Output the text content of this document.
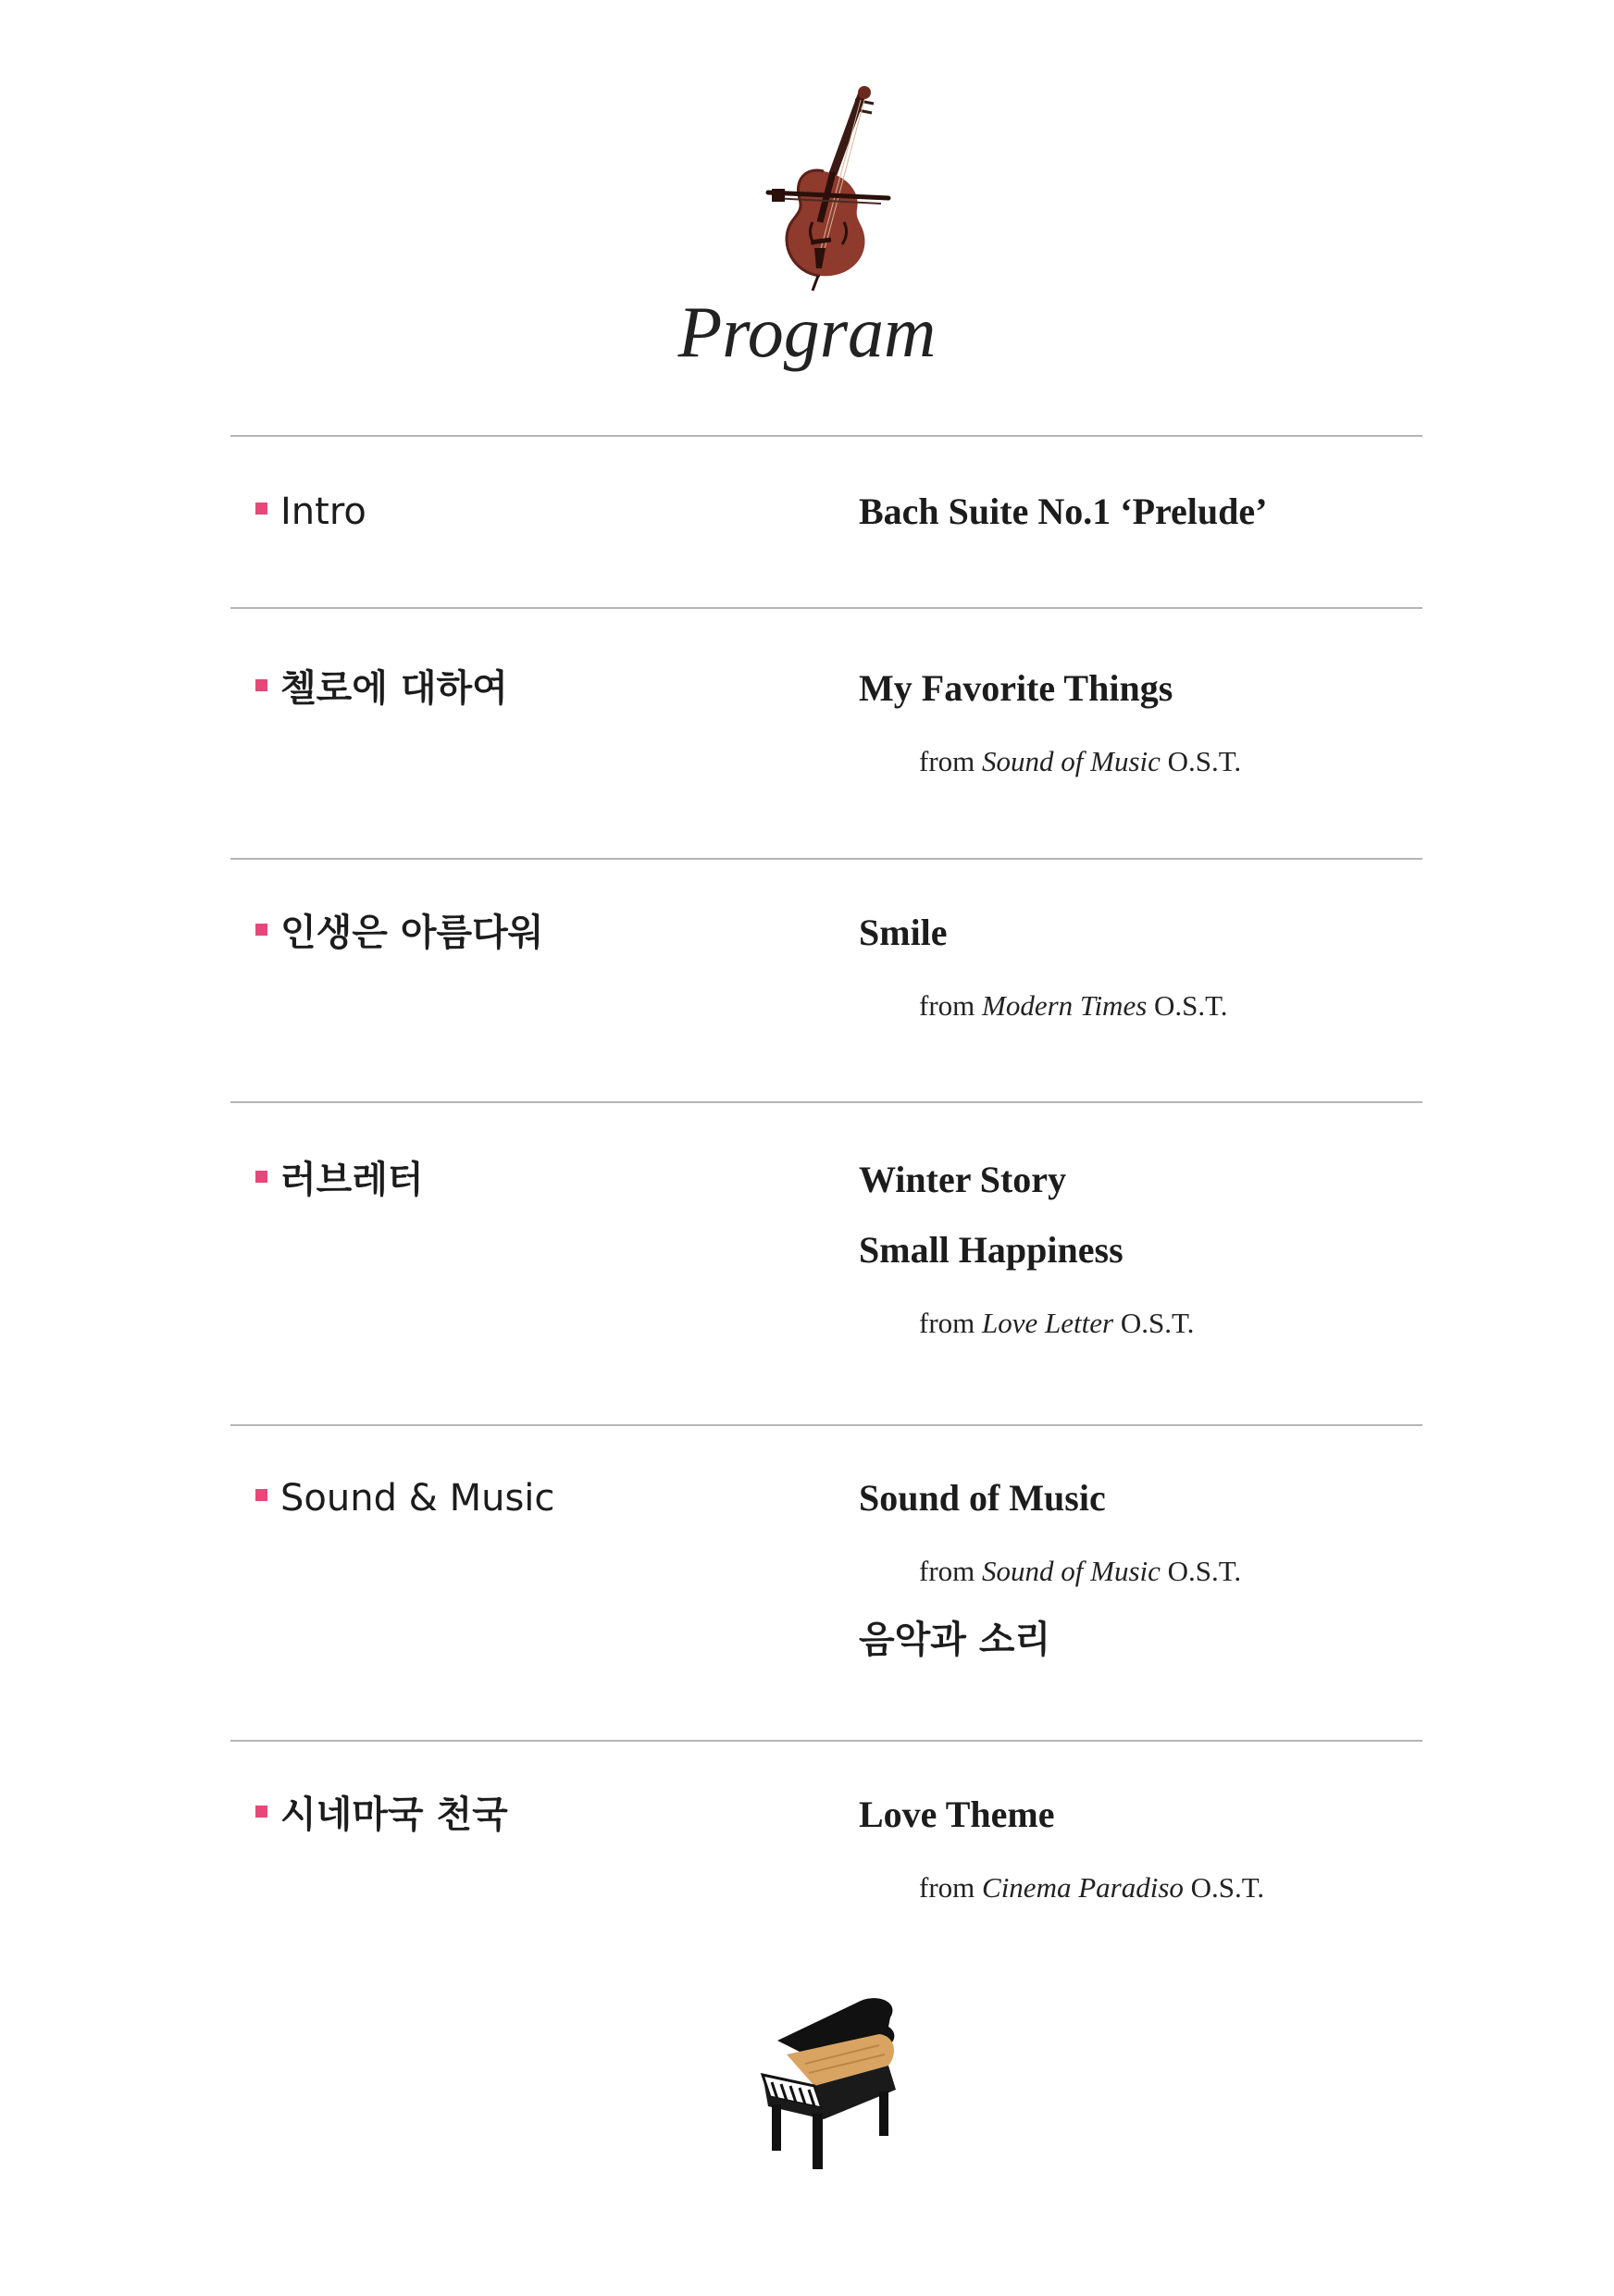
Program
Intro	Bach Suite No.1 ‘Prelude’
첼로에 대하여	My Favorite Things
from Sound of Music O.S.T.
인생은 아름다워	Smile
from Modern Times O.S.T.
러브레터	Winter Story
Small Happiness
from Love Letter O.S.T.
Sound & Music	Sound of Music
from Sound of Music O.S.T.
음악과 소리
시네마국 천국	Love Theme
from Cinema Paradiso O.S.T.
